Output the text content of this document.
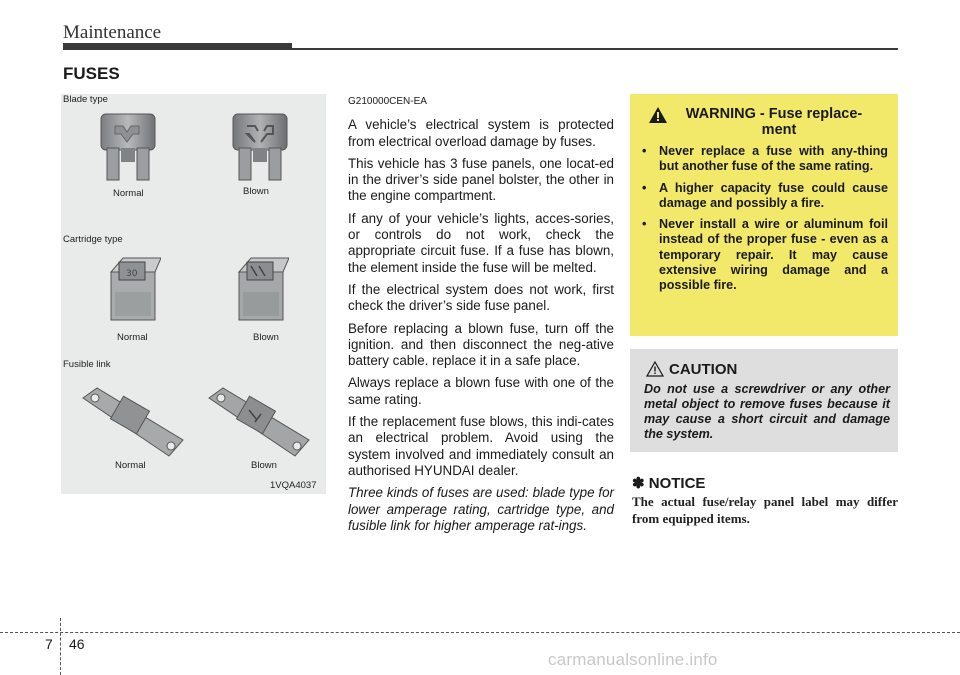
Maintenance
FUSES
Blade type
Normal	Blown
Cartridge type
30
Normal	Blown
Fusible link
Normal	Blown
1VQA4037

G210000CEN-EA

A vehicle’s electrical system is protected from electrical overload damage by fuses.

This vehicle has 3 fuse panels, one locat-ed in the driver’s side panel bolster, the other in the engine compartment.

If any of your vehicle’s lights, acces-sories, or controls do not work, check the appropriate circuit fuse. If a fuse has blown, the element inside the fuse will be melted.

If the electrical system does not work, first check the driver’s side fuse panel.

Before replacing a blown fuse, turn off the ignition. and then disconnect the neg-ative battery cable. replace it in a safe place.

Always replace a blown fuse with one of the same rating.

If the replacement fuse blows, this indi-cates an electrical problem. Avoid using the system involved and immediately consult an authorised HYUNDAI dealer.

Three kinds of fuses are used: blade type for lower amperage rating, cartridge type, and fusible link for higher amperage rat-ings.

WARNING - Fuse replace-
ment
• Never replace a fuse with any-thing but another fuse of the same rating.
• A higher capacity fuse could cause damage and possibly a fire.
• Never install a wire or aluminum foil instead of the proper fuse - even as a temporary repair. It may cause extensive wiring damage and a possible fire.
CAUTION
Do not use a screwdriver or any other metal object to remove fuses because it may cause a short circuit and damage the system.
✽ NOTICE
The actual fuse/relay panel label may differ from equipped items.
7 46
carmanualsonline.info
